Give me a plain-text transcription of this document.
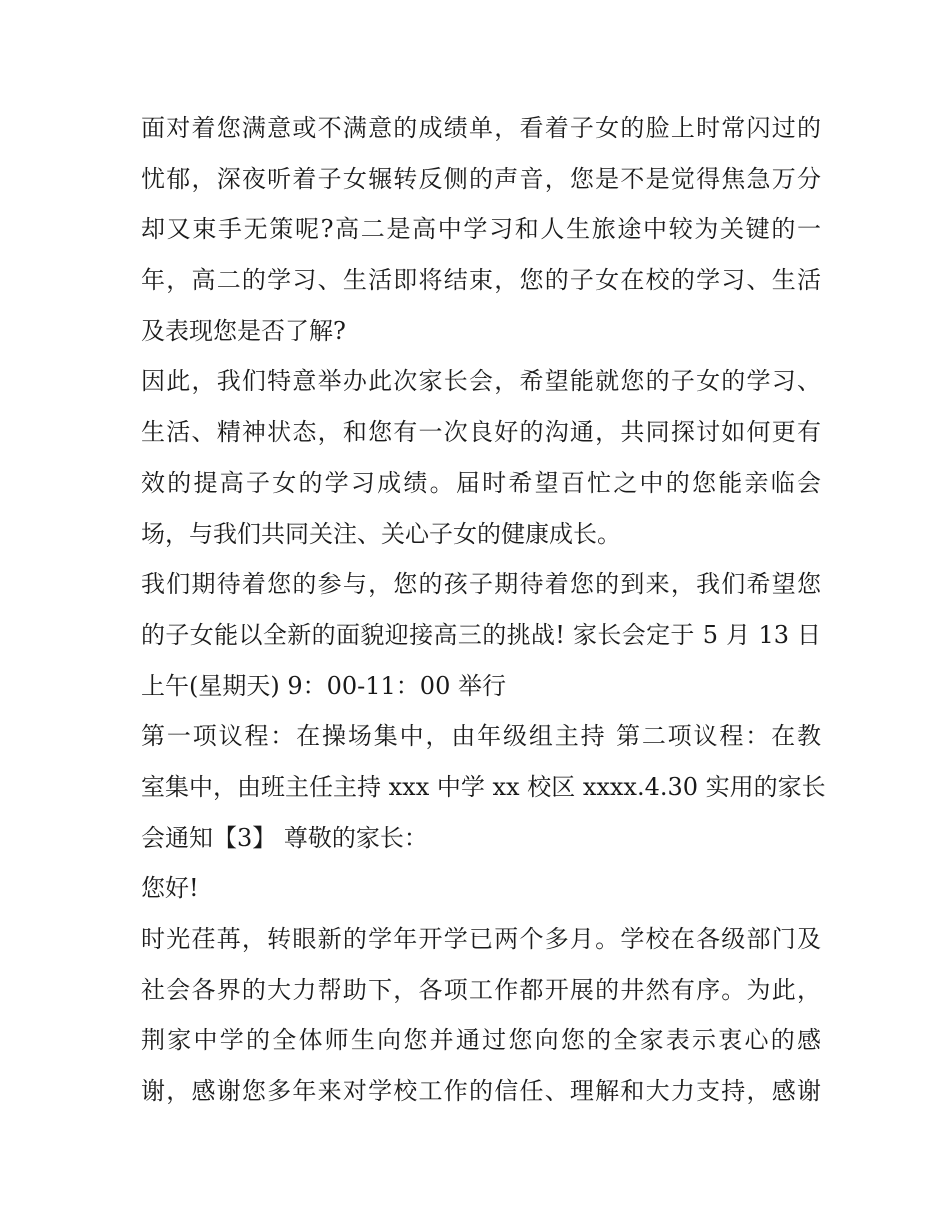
面对着您满意或不满意的成绩单，看着子女的脸上时常闪过的
忧郁，深夜听着子女辗转反侧的声音，您是不是觉得焦急万分
却又束手无策呢?高二是高中学习和人生旅途中较为关键的一
年，高二的学习、生活即将结束，您的子女在校的学习、生活
及表现您是否了解?
因此，我们特意举办此次家长会，希望能就您的子女的学习、
生活、精神状态，和您有一次良好的沟通，共同探讨如何更有
效的提高子女的学习成绩。届时希望百忙之中的您能亲临会
场，与我们共同关注、关心子女的健康成长。
我们期待着您的参与，您的孩子期待着您的到来，我们希望您
的子女能以全新的面貌迎接高三的挑战! 家长会定于 5 月 13 日
上午(星期天) 9：00-11：00 举行
第一项议程：在操场集中，由年级组主持 第二项议程：在教
室集中，由班主任主持 xxx 中学 xx 校区 xxxx.4.30 实用的家长
会通知【3】 尊敬的家长：
您好!
时光荏苒，转眼新的学年开学已两个多月。学校在各级部门及
社会各界的大力帮助下，各项工作都开展的井然有序。为此，
荆家中学的全体师生向您并通过您向您的全家表示衷心的感
谢，感谢您多年来对学校工作的信任、理解和大力支持，感谢
